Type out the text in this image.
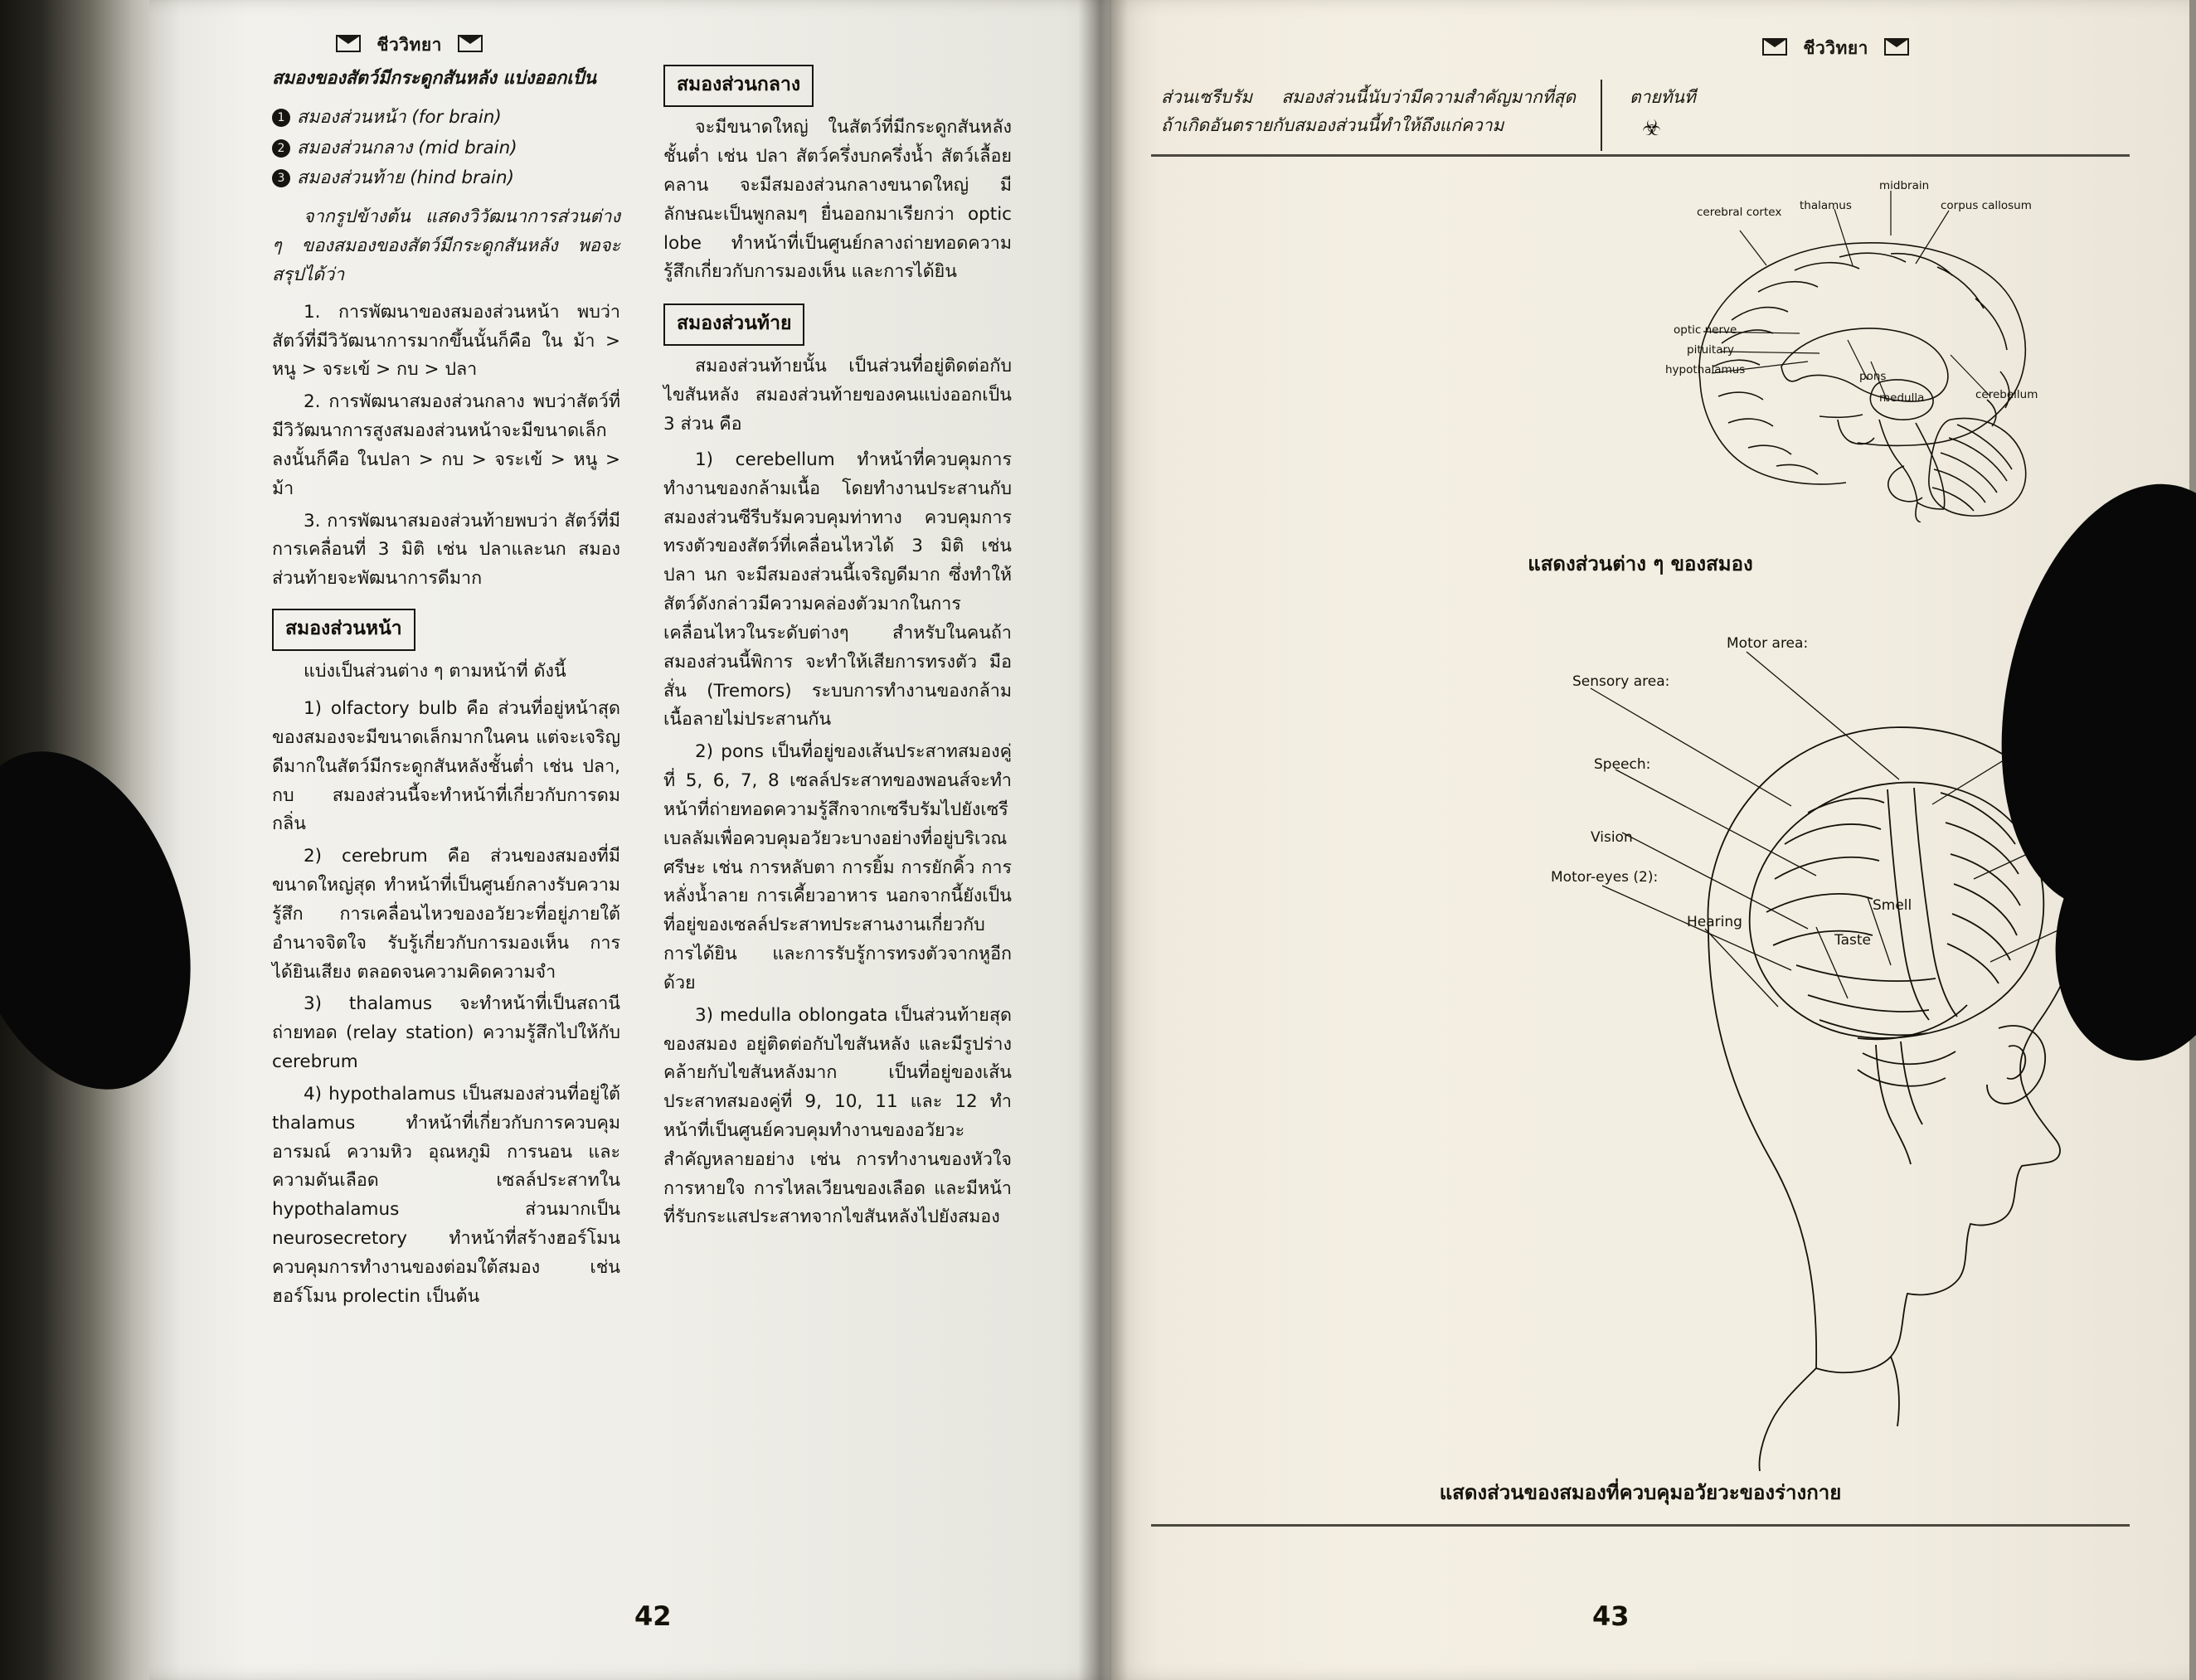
ชีววิทยา

สมองของสัตว์มีกระดูกสันหลัง แบ่งออกเป็น

1 สมองส่วนหน้า (for brain)

2 สมองส่วนกลาง (mid brain)

3 สมองส่วนท้าย (hind brain)

จากรูปข้างต้น แสดงวิวัฒนาการส่วนต่าง ๆ ของสมองของสัตว์มีกระดูกสันหลัง พอจะสรุปได้ว่า

1. การพัฒนาของสมองส่วนหน้า พบว่าสัตว์ที่มีวิวัฒนาการมากขึ้นนั้นก็คือ ใน ม้า > หนู > จระเข้ > กบ > ปลา

2. การพัฒนาสมองส่วนกลาง พบว่าสัตว์ที่มีวิวัฒนาการสูงสมองส่วนหน้าจะมีขนาดเล็กลงนั้นก็คือ ในปลา > กบ > จระเข้ > หนู > ม้า

3. การพัฒนาสมองส่วนท้ายพบว่า สัตว์ที่มีการเคลื่อนที่ 3 มิติ เช่น ปลาและนก สมองส่วนท้ายจะพัฒนาการดีมาก

สมองส่วนหน้า

แบ่งเป็นส่วนต่าง ๆ ตามหน้าที่ ดังนี้

1) olfactory bulb คือ ส่วนที่อยู่หน้าสุดของสมองจะมีขนาดเล็กมากในคน แต่จะเจริญดีมากในสัตว์มีกระดูกสันหลังชั้นต่ำ เช่น ปลา, กบ สมองส่วนนี้จะทำหน้าที่เกี่ยวกับการดมกลิ่น

2) cerebrum คือ ส่วนของสมองที่มีขนาดใหญ่สุด ทำหน้าที่เป็นศูนย์กลางรับความรู้สึก การเคลื่อนไหวของอวัยวะที่อยู่ภายใต้อำนาจจิตใจ รับรู้เกี่ยวกับการมองเห็น การได้ยินเสียง ตลอดจนความคิดความจำ

3) thalamus จะทำหน้าที่เป็นสถานีถ่ายทอด (relay station) ความรู้สึกไปให้กับ cerebrum

4) hypothalamus เป็นสมองส่วนที่อยู่ใต้ thalamus ทำหน้าที่เกี่ยวกับการควบคุมอารมณ์ ความหิว อุณหภูมิ การนอน และความดันเลือด เซลล์ประสาทใน hypothalamus ส่วนมากเป็น neurosecretory ทำหน้าที่สร้างฮอร์โมนควบคุมการทำงานของต่อมใต้สมอง เช่น ฮอร์โมน prolectin เป็นต้น

สมองส่วนกลาง

จะมีขนาดใหญ่ ในสัตว์ที่มีกระดูกสันหลังชั้นต่ำ เช่น ปลา สัตว์ครึ่งบกครึ่งน้ำ สัตว์เลื้อยคลาน จะมีสมองส่วนกลางขนาดใหญ่ มีลักษณะเป็นพูกลมๆ ยื่นออกมาเรียกว่า optic lobe ทำหน้าที่เป็นศูนย์กลางถ่ายทอดความรู้สึกเกี่ยวกับการมองเห็น และการได้ยิน

สมองส่วนท้าย

สมองส่วนท้ายนั้น เป็นส่วนที่อยู่ติดต่อกับไขสันหลัง สมองส่วนท้ายของคนแบ่งออกเป็น 3 ส่วน คือ

1) cerebellum ทำหน้าที่ควบคุมการทำงานของกล้ามเนื้อ โดยทำงานประสานกับสมองส่วนซีรีบรัมควบคุมท่าทาง ควบคุมการทรงตัวของสัตว์ที่เคลื่อนไหวได้ 3 มิติ เช่น ปลา นก จะมีสมองส่วนนี้เจริญดีมาก ซึ่งทำให้สัตว์ดังกล่าวมีความคล่องตัวมากในการเคลื่อนไหวในระดับต่างๆ สำหรับในคนถ้าสมองส่วนนี้พิการ จะทำให้เสียการทรงตัว มือสั่น (Tremors) ระบบการทำงานของกล้ามเนื้อลายไม่ประสานกัน

2) pons เป็นที่อยู่ของเส้นประสาทสมองคู่ที่ 5, 6, 7, 8 เซลล์ประสาทของพอนส์จะทำหน้าที่ถ่ายทอดความรู้สึกจากเซรีบรัมไปยังเซรีเบลลัมเพื่อควบคุมอวัยวะบางอย่างที่อยู่บริเวณศรีษะ เช่น การหลับตา การยิ้ม การยักคิ้ว การหลั่งน้ำลาย การเคี้ยวอาหาร นอกจากนี้ยังเป็นที่อยู่ของเซลล์ประสาทประสานงานเกี่ยวกับการได้ยิน และการรับรู้การทรงตัวจากหูอีกด้วย

3) medulla oblongata เป็นส่วนท้ายสุดของสมอง อยู่ติดต่อกับไขสันหลัง และมีรูปร่างคล้ายกับไขสันหลังมาก เป็นที่อยู่ของเส้นประสาทสมองคู่ที่ 9, 10, 11 และ 12 ทำหน้าที่เป็นศูนย์ควบคุมทำงานของอวัยวะสำคัญหลายอย่าง เช่น การทำงานของหัวใจ การหายใจ การไหลเวียนของเลือด และมีหน้าที่รับกระแสประสาทจากไขสันหลังไปยังสมอง

42
ชีววิทยา
ส่วนเซรีบรัม สมองส่วนนี้นับว่ามีความสำคัญมากที่สุด ถ้าเกิดอันตรายกับสมองส่วนนี้ทำให้ถึงแก่ความ
ตายทันที
☣
midbrain
thalamus	corpus callosum
cerebral cortex
optic nerve
pituitary
hypothalamus	pons
medulla	cerebellum
แสดงส่วนต่าง ๆ ของสมอง
Motor area:
Sensory area:
Speech:
Vision
Motor-eyes (2):
Smell
Hearing
Taste
แสดงส่วนของสมองที่ควบคุมอวัยวะของร่างกาย
43
